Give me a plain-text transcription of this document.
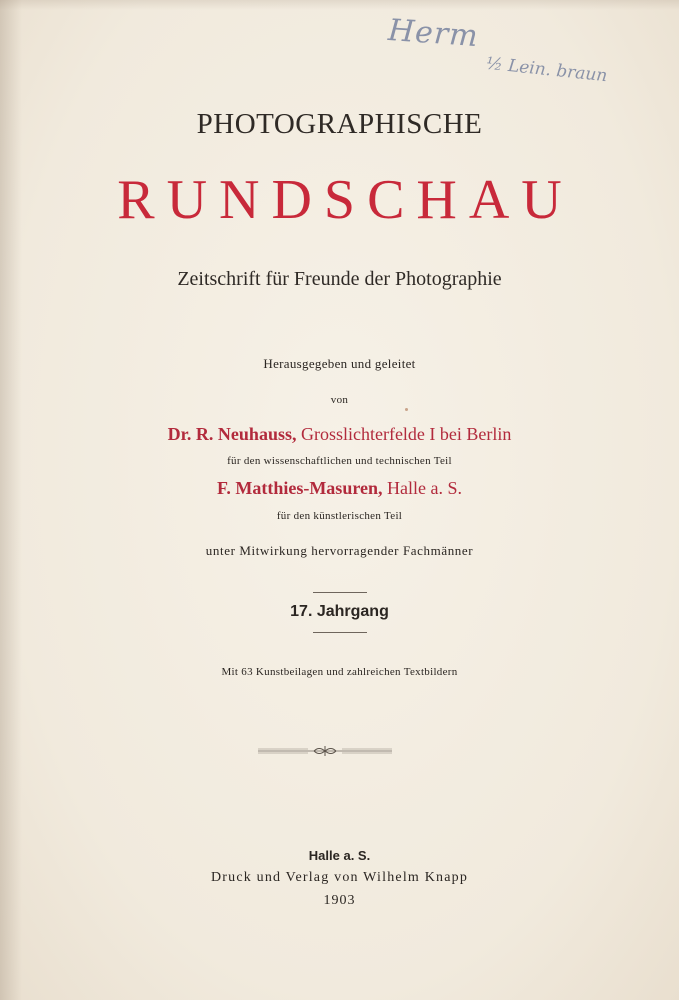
Herm
½ Lein. braun
PHOTOGRAPHISCHE
RUNDSCHAU
Zeitschrift für Freunde der Photographie
Herausgegeben und geleitet
von
Dr. R. Neuhauss, Grosslichterfelde I bei Berlin
für den wissenschaftlichen und technischen Teil
F. Matthies-Masuren, Halle a. S.
für den künstlerischen Teil
unter Mitwirkung hervorragender Fachmänner
17. Jahrgang
Mit 63 Kunstbeilagen und zahlreichen Textbildern
Halle a. S.
Druck und Verlag von Wilhelm Knapp
1903
